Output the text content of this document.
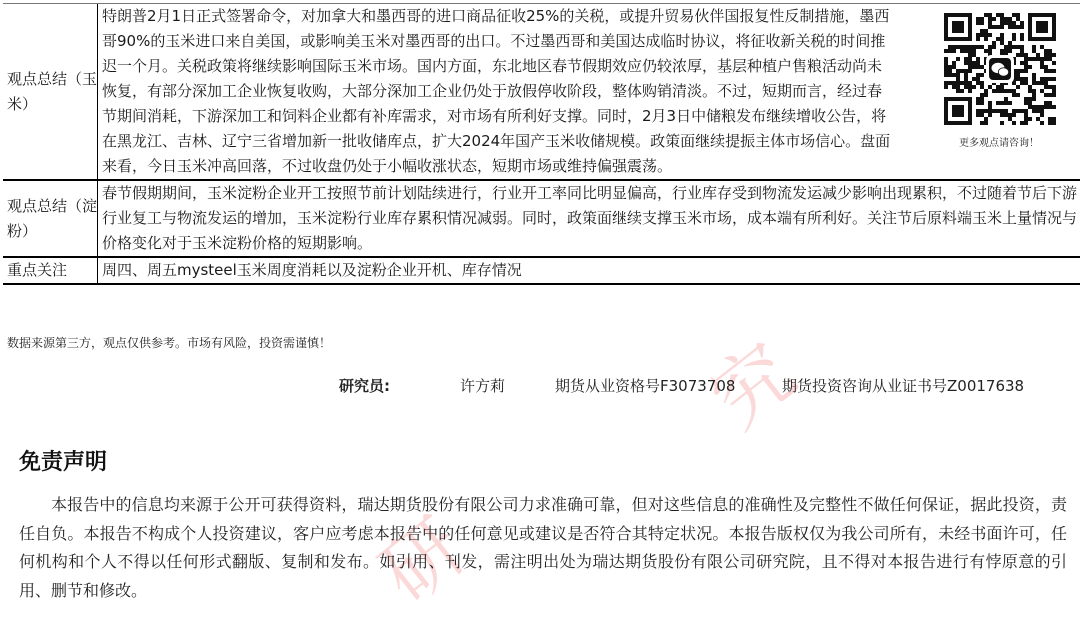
研
究
观点总结（玉米）	特朗普2月1日正式签署命令，对加拿大和墨西哥的进口商品征收25%的关税，或提升贸易伙伴国报复性反制措施，墨西哥90%的玉米进口来自美国，或影响美玉米对墨西哥的出口。不过墨西哥和美国达成临时协议，将征收新关税的时间推迟一个月。关税政策将继续影响国际玉米市场。国内方面，东北地区春节假期效应仍较浓厚，基层种植户售粮活动尚未恢复，有部分深加工企业恢复收购，大部分深加工企业仍处于放假停收阶段，整体购销清淡。不过，短期而言，经过春节期间消耗，下游深加工和饲料企业都有补库需求，对市场有所利好支撑。同时，2月3日中储粮发布继续增收公告，将在黑龙江、吉林、辽宁三省增加新一批收储库点，扩大2024年国产玉米收储规模。政策面继续提振主体市场信心。盘面来看，今日玉米冲高回落，不过收盘仍处于小幅收涨状态，短期市场或维持偏强震荡。
更多观点请咨询！

观点总结（淀粉）	春节假期期间，玉米淀粉企业开工按照节前计划陆续进行，行业开工率同比明显偏高，行业库存受到物流发运减少影响出现累积，不过随着节后下游行业复工与物流发运的增加，玉米淀粉行业库存累积情况减弱。同时，政策面继续支撑玉米市场，成本端有所利好。关注节后原料端玉米上量情况与价格变化对于玉米淀粉价格的短期影响。
重点关注	周四、周五mysteel玉米周度消耗以及淀粉企业开机、库存情况
数据来源第三方，观点仅供参考。市场有风险，投资需谨慎！
研究员:	许方莉	期货从业资格号F3073708	期货投资咨询从业证书号Z0017638
免责声明
本报告中的信息均来源于公开可获得资料，瑞达期货股份有限公司力求准确可靠，但对这些信息的准确性及完整性不做任何保证，据此投资，责任自负。本报告不构成个人投资建议，客户应考虑本报告中的任何意见或建议是否符合其特定状况。本报告版权仅为我公司所有，未经书面许可，任何机构和个人不得以任何形式翻版、复制和发布。如引用、刊发，需注明出处为瑞达期货股份有限公司研究院，且不得对本报告进行有悖原意的引用、删节和修改。
